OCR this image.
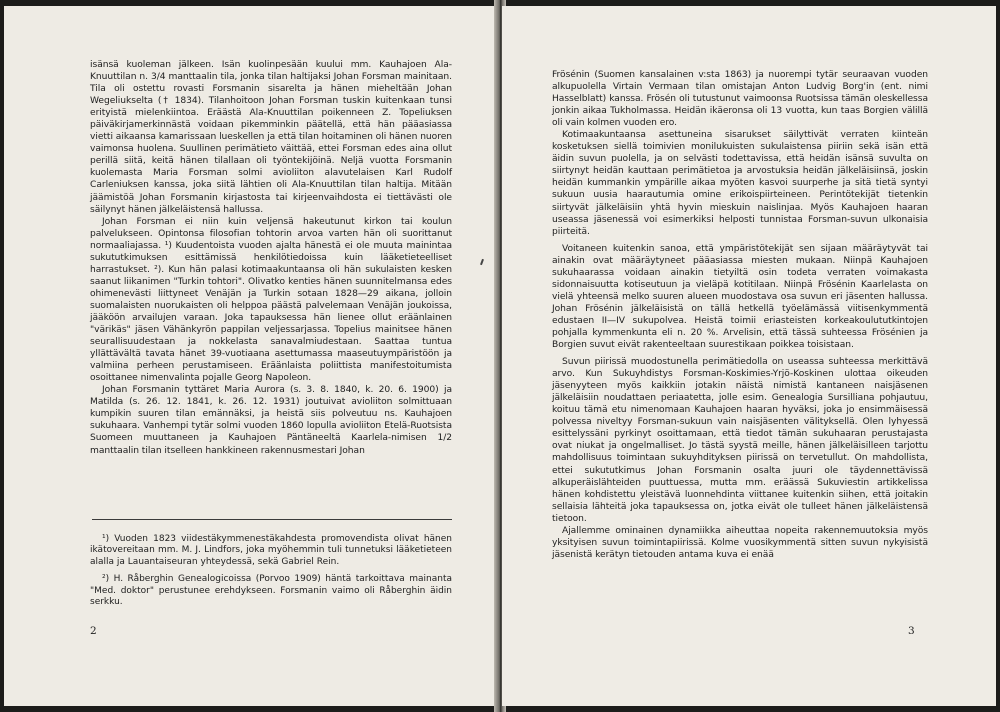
isänsä kuoleman jälkeen. Isän kuolinpesään kuului mm. Kauhajoen Ala-Knuuttilan n. 3/4 manttaalin tila, jonka tilan haltijaksi Johan Forsman mainitaan. Tila oli ostettu rovasti Forsmanin sisarelta ja hänen mieheltään Johan Wegeliukselta († 1834). Tilanhoitoon Johan Forsman tuskin kuitenkaan tunsi erityistä mielenkiintoa. Eräästä Ala-Knuuttilan poikenneen Z. Topeliuksen päiväkirjamerkinnästä voidaan pikemminkin päätellä, että hän pääasiassa vietti aikaansa kamarissaan lueskellen ja että tilan hoitaminen oli hänen nuoren vaimonsa huolena. Suullinen perimätieto väittää, ettei Forsman edes aina ollut perillä siitä, keitä hänen tilallaan oli työntekijöinä. Neljä vuotta Forsmanin kuolemasta Maria Forsman solmi avioliiton alavutelaisen Karl Rudolf Carleniuksen kanssa, joka siitä lähtien oli Ala-Knuuttilan tilan haltija. Mitään jäämistöä Johan Forsmanin kirjastosta tai kirjeenvaihdosta ei tiettävästi ole säilynyt hänen jälkeläistensä hallussa.

Johan Forsman ei niin kuin veljensä hakeutunut kirkon tai koulun palvelukseen. Opintonsa filosofian tohtorin arvoa varten hän oli suorittanut normaaliajassa. ¹) Kuudentoista vuoden ajalta hänestä ei ole muuta mainintaa sukututkimuksen esittämissä henkilötiedoissa kuin lääketieteelliset harrastukset. ²). Kun hän palasi kotimaakuntaansa oli hän sukulaisten kesken saanut liikanimen "Turkin tohtori". Olivatko kenties hänen suunnitelmansa edes ohimenevästi liittyneet Venäjän ja Turkin sotaan 1828—29 aikana, jolloin suomalaisten nuorukaisten oli helppoa päästä palvelemaan Venäjän joukoissa, jääköön arvailujen varaan. Joka tapauksessa hän lienee ollut eräänlainen "värikäs" jäsen Vähänkyrön pappilan veljessarjassa. Topelius mainitsee hänen seurallisuudestaan ja nokkelasta sanavalmiudestaan. Saattaa tuntua yllättävältä tavata hänet 39-vuotiaana asettumassa maaseutuympäristöön ja valmiina perheen perustamiseen. Eräänlaista poliittista manifestoitumista osoittanee nimenvalinta pojalle Georg Napoleon.

Johan Forsmanin tyttäret Maria Aurora (s. 3. 8. 1840, k. 20. 6. 1900) ja Matilda (s. 26. 12. 1841, k. 26. 12. 1931) joutuivat avioliiton solmittuaan kumpikin suuren tilan emännäksi, ja heistä siis polveutuu ns. Kauhajoen sukuhaara. Vanhempi tytär solmi vuoden 1860 lopulla avioliiton Etelä-Ruotsista Suomeen muuttaneen ja Kauhajoen Päntäneeltä Kaarlela-nimisen 1/2 manttaalin tilan itselleen hankkineen rakennusmestari Johan

¹) Vuoden 1823 viidestäkymmenestäkahdesta promovendista olivat hänen ikätovereitaan mm. M. J. Lindfors, joka myöhemmin tuli tunnetuksi lääketieteen alalla ja Lauantaiseuran yhteydessä, sekä Gabriel Rein.

²) H. Råberghin Genealogicoissa (Porvoo 1909) häntä tarkoittava mainanta "Med. doktor" perustunee erehdykseen. Forsmanin vaimo oli Råberghin äidin serkku.

2

Frösénin (Suomen kansalainen v:sta 1863) ja nuorempi tytär seuraavan vuoden alkupuolella Virtain Vermaan tilan omistajan Anton Ludvig Borg'in (ent. nimi Hasselblatt) kanssa. Frösén oli tutustunut vaimoonsa Ruotsissa tämän oleskellessa jonkin aikaa Tukholmassa. Heidän ikäeronsa oli 13 vuotta, kun taas Borgien välillä oli vain kolmen vuoden ero.

Kotimaakuntaansa asettuneina sisarukset säilyttivät verraten kiinteän kosketuksen siellä toimivien monilukuisten sukulaistensa piiriin sekä isän että äidin suvun puolella, ja on selvästi todettavissa, että heidän isänsä suvulta on siirtynyt heidän kauttaan perimätietoa ja arvostuksia heidän jälkeläisiinsä, joskin heidän kummankin ympärille aikaa myöten kasvoi suurperhe ja sitä tietä syntyi sukuun uusia haarautumia omine erikoispiirteineen. Perintötekijät tietenkin siirtyvät jälkeläisiin yhtä hyvin mieskuin naislinjaa. Myös Kauhajoen haaran useassa jäsenessä voi esimerkiksi helposti tunnistaa Forsman-suvun ulkonaisia piirteitä.

Voitaneen kuitenkin sanoa, että ympäristötekijät sen sijaan määräytyvät tai ainakin ovat määräytyneet pääasiassa miesten mukaan. Niinpä Kauhajoen sukuhaarassa voidaan ainakin tietyiltä osin todeta verraten voimakasta sidonnaisuutta kotiseutuun ja vieläpä kotitilaan. Niinpä Frösénin Kaarlelasta on vielä yhteensä melko suuren alueen muodostava osa suvun eri jäsenten hallussa. Johan Frösénin jälkeläisistä on tällä hetkellä työelämässä viitisenkymmentä edustaen II—IV sukupolvea. Heistä toimii eriasteisten korkeakoulututkintojen pohjalla kymmenkunta eli n. 20 %. Arvelisin, että tässä suhteessa Frösénien ja Borgien suvut eivät rakenteeltaan suurestikaan poikkea toisistaan.

Suvun piirissä muodostunella perimätiedolla on useassa suhteessa merkittävä arvo. Kun Sukuyhdistys Forsman-Koskimies-Yrjö-Koskinen ulottaa oikeuden jäsenyyteen myös kaikkiin jotakin näistä nimistä kantaneen naisjäsenen jälkeläisiin noudattaen periaatetta, jolle esim. Genealogia Sursilliana pohjautuu, koituu tämä etu nimenomaan Kauhajoen haaran hyväksi, joka jo ensimmäisessä polvessa niveltyy Forsman-sukuun vain naisjäsenten välityksellä. Olen lyhyessä esittelyssäni pyrkinyt osoittamaan, että tiedot tämän sukuhaaran perustajasta ovat niukat ja ongelmalliset. Jo tästä syystä meille, hänen jälkeläisilleen tarjottu mahdollisuus toimintaan sukuyhdityksen piirissä on tervetullut. On mahdollista, ettei sukututkimus Johan Forsmanin osalta juuri ole täydennettävissä alkuperäislähteiden puuttuessa, mutta mm. eräässä Sukuviestin artikkelissa hänen kohdistettu yleistävä luonnehdinta viittanee kuitenkin siihen, että joitakin sellaisia lähteitä joka tapauksessa on, jotka eivät ole tulleet hänen jälkeläistensä tietoon.

Ajallemme ominainen dynamiikka aiheuttaa nopeita rakennemuutoksia myös yksityisen suvun toimintapiirissä. Kolme vuosikymmentä sitten suvun nykyisistä jäsenistä kerätyn tietouden antama kuva ei enää

3
